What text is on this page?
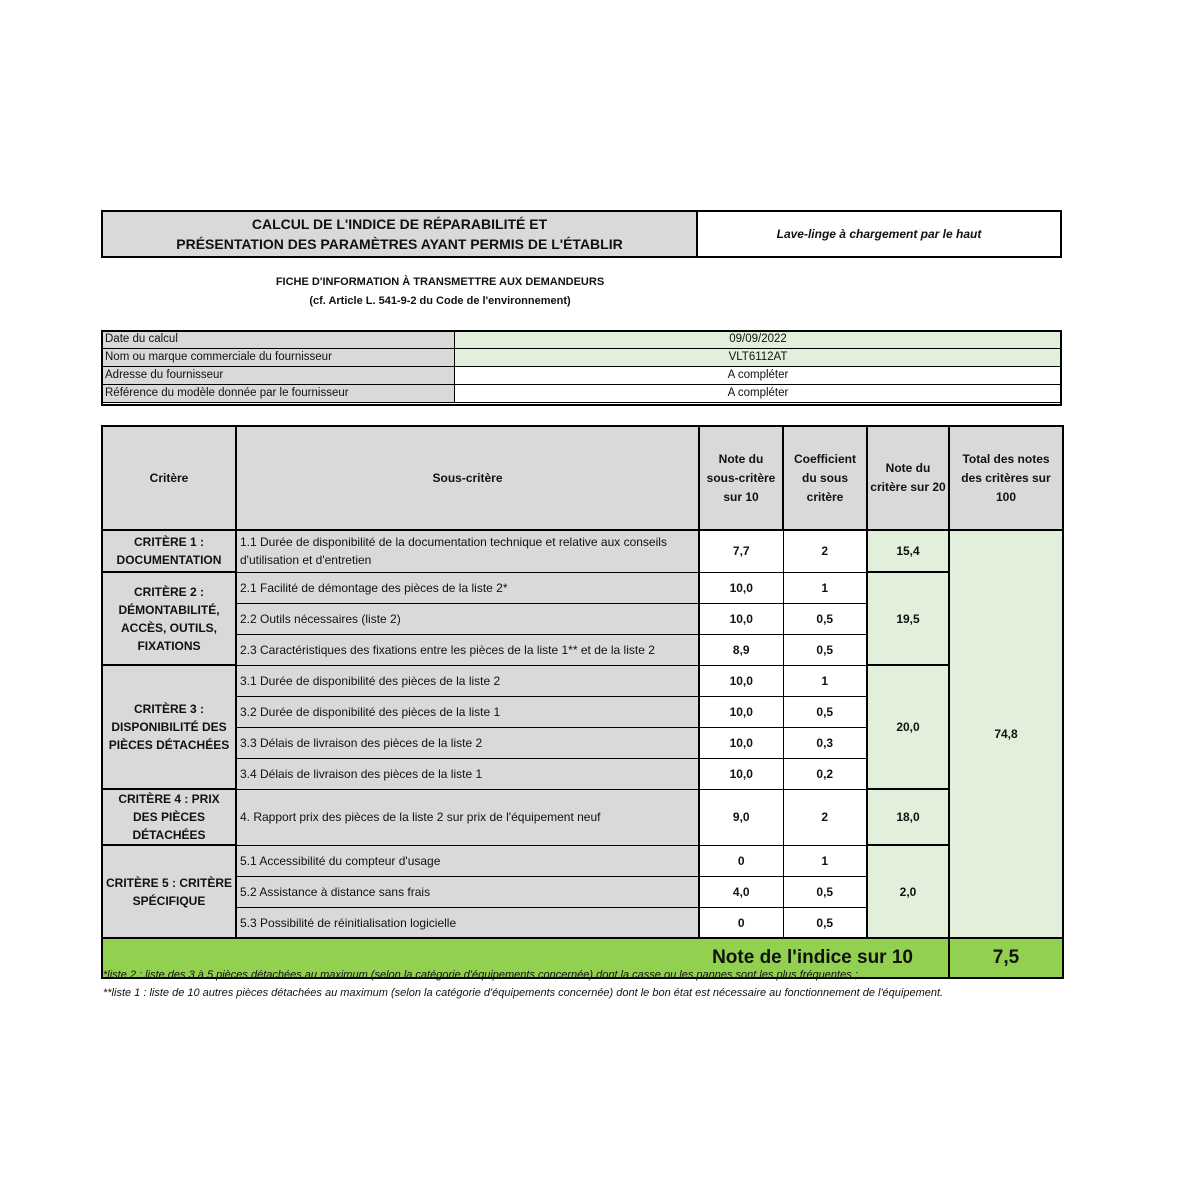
CALCUL DE L'INDICE DE RÉPARABILITÉ ET
PRÉSENTATION DES PARAMÈTRES AYANT PERMIS DE L'ÉTABLIR
Lave-linge à chargement par le haut
FICHE D'INFORMATION À TRANSMETTRE AUX DEMANDEURS
(cf. Article L. 541-9-2 du Code de l'environnement)
Date du calcul	09/09/2022
Nom ou marque commerciale du fournisseur	VLT6112AT
Adresse du fournisseur	A compléter
Référence du modèle donnée par le fournisseur	A compléter
Critère	Sous-critère	Note du sous-critère sur 10	Coefficient du sous critère	Note du critère sur 20	Total des notes des critères sur 100
CRITÈRE 1 : DOCUMENTATION	1.1 Durée de disponibilité de la documentation technique et relative aux conseils d'utilisation et d'entretien	7,7	2	15,4	74,8
CRITÈRE 2 : DÉMONTABILITÉ, ACCÈS, OUTILS, FIXATIONS	2.1 Facilité de démontage des pièces de la liste 2*	10,0	1	19,5	
	2.2 Outils nécessaires (liste 2)	10,0	0,5		
	2.3 Caractéristiques des fixations entre les pièces de la liste 1** et de la liste 2	8,9	0,5		
CRITÈRE 3 : DISPONIBILITÉ DES PIÈCES DÉTACHÉES	3.1 Durée de disponibilité des pièces de la liste 2	10,0	1	20,0	
	3.2 Durée de disponibilité des pièces de la liste 1	10,0	0,5		
	3.3 Délais de livraison des pièces de la liste 2	10,0	0,3		
	3.4 Délais de livraison des pièces de la liste 1	10,0	0,2		
CRITÈRE 4 : PRIX DES PIÈCES DÉTACHÉES	4. Rapport prix des pièces de la liste 2 sur prix de l'équipement neuf	9,0	2	18,0	
CRITÈRE 5 : CRITÈRE SPÉCIFIQUE	5.1 Accessibilité du compteur d'usage	0	1	2,0	
	5.2 Assistance à distance sans frais	4,0	0,5		
	5.3 Possibilité de réinitialisation logicielle	0	0,5		

Note de l'indice sur 10					7,5
*liste 2 : liste des 3 à 5 pièces détachées au maximum (selon la catégorie d'équipements concernée) dont la casse ou les pannes sont les plus fréquentes ;
**liste 1 : liste de 10 autres pièces détachées au maximum (selon la catégorie d'équipements concernée) dont le bon état est nécessaire au fonctionnement de l'équipement.
